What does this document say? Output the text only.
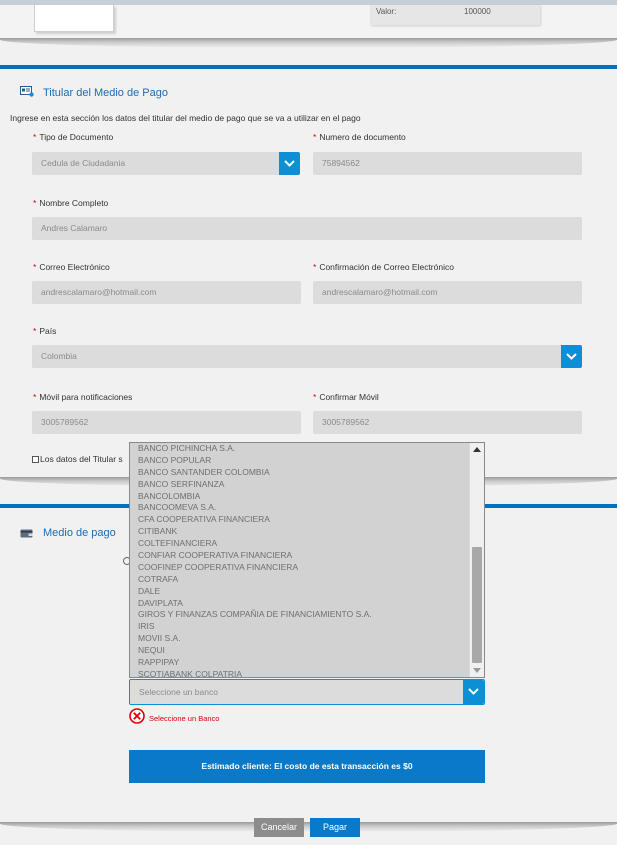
Valor:	100000
Titular del Medio de Pago
Ingrese en esta sección los datos del titular del medio de pago que se va a utilizar en el pago
* Tipo de Documento
Cedula de Ciudadania
* Numero de documento
75894562
* Nombre Completo
Andres Calamaro
* Correo Electrónico
andrescalamaro@hotmail.com
* Confirmación de Correo Electrónico
andrescalamaro@hotmail.com
* País
Colombia
* Móvil para notificaciones
3005789562
* Confirmar Móvil
3005789562
Los datos del Titular s
Medio de pago
Seleccione un banco
Seleccione un Banco
Estimado cliente: El costo de esta transacción es $0
BANCO PICHINCHA S.A.
BANCO POPULAR
BANCO SANTANDER COLOMBIA
BANCO SERFINANZA
BANCOLOMBIA
BANCOOMEVA S.A.
CFA COOPERATIVA FINANCIERA
CITIBANK
COLTEFINANCIERA
CONFIAR COOPERATIVA FINANCIERA
COOFINEP COOPERATIVA FINANCIERA
COTRAFA
DALE
DAVIPLATA
GIROS Y FINANZAS COMPAÑIA DE FINANCIAMIENTO S.A.
IRIS
MOVII S.A.
NEQUI
RAPPIPAY
SCOTIABANK COLPATRIA
Cancelar	Pagar
